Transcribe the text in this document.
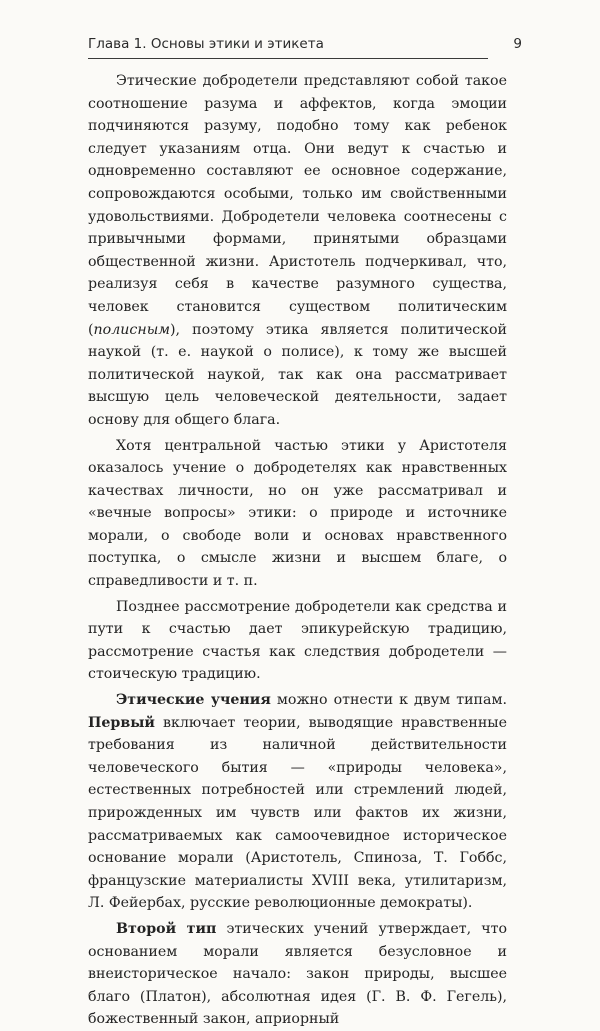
Глава 1. Основы этики и этикета	9

Этические добродетели представляют собой такое соотношение разума и аффектов, когда эмоции подчиняются разуму, подобно тому как ребенок следует указаниям отца. Они ведут к счастью и одновременно составляют ее основное содержание, сопровождаются особыми, только им свойственными удовольствиями. Добродетели человека соотнесены с привычными формами, принятыми образцами общественной жизни. Аристотель подчеркивал, что, реализуя себя в качестве разумного существа, человек становится существом политическим (полисным), поэтому этика является политической наукой (т. е. наукой о полисе), к тому же высшей политической наукой, так как она рассматривает высшую цель человеческой деятельности, задает основу для общего блага.

Хотя центральной частью этики у Аристотеля оказалось учение о добродетелях как нравственных качествах личности, но он уже рассматривал и «вечные вопросы» этики: о природе и источнике морали, о свободе воли и основах нравственного поступка, о смысле жизни и высшем благе, о справедливости и т. п.

Позднее рассмотрение добродетели как средства и пути к счастью дает эпикурейскую традицию, рассмотрение счастья как следствия добродетели — стоическую традицию.

Этические учения можно отнести к двум типам. Первый включает теории, выводящие нравственные требования из наличной действительности человеческого бытия — «природы человека», естественных потребностей или стремлений людей, прирожденных им чувств или фактов их жизни, рассматриваемых как самоочевидное историческое основание морали (Аристотель, Спиноза, Т. Гоббс, французские материалисты XVIII века, утилитаризм, Л. Фейербах, русские революционные демократы).

Второй тип этических учений утверждает, что основанием морали является безусловное и внеисторическое начало: закон природы, высшее благо (Платон), абсолютная идея (Г. В. Ф. Гегель), божественный закон, априорный
